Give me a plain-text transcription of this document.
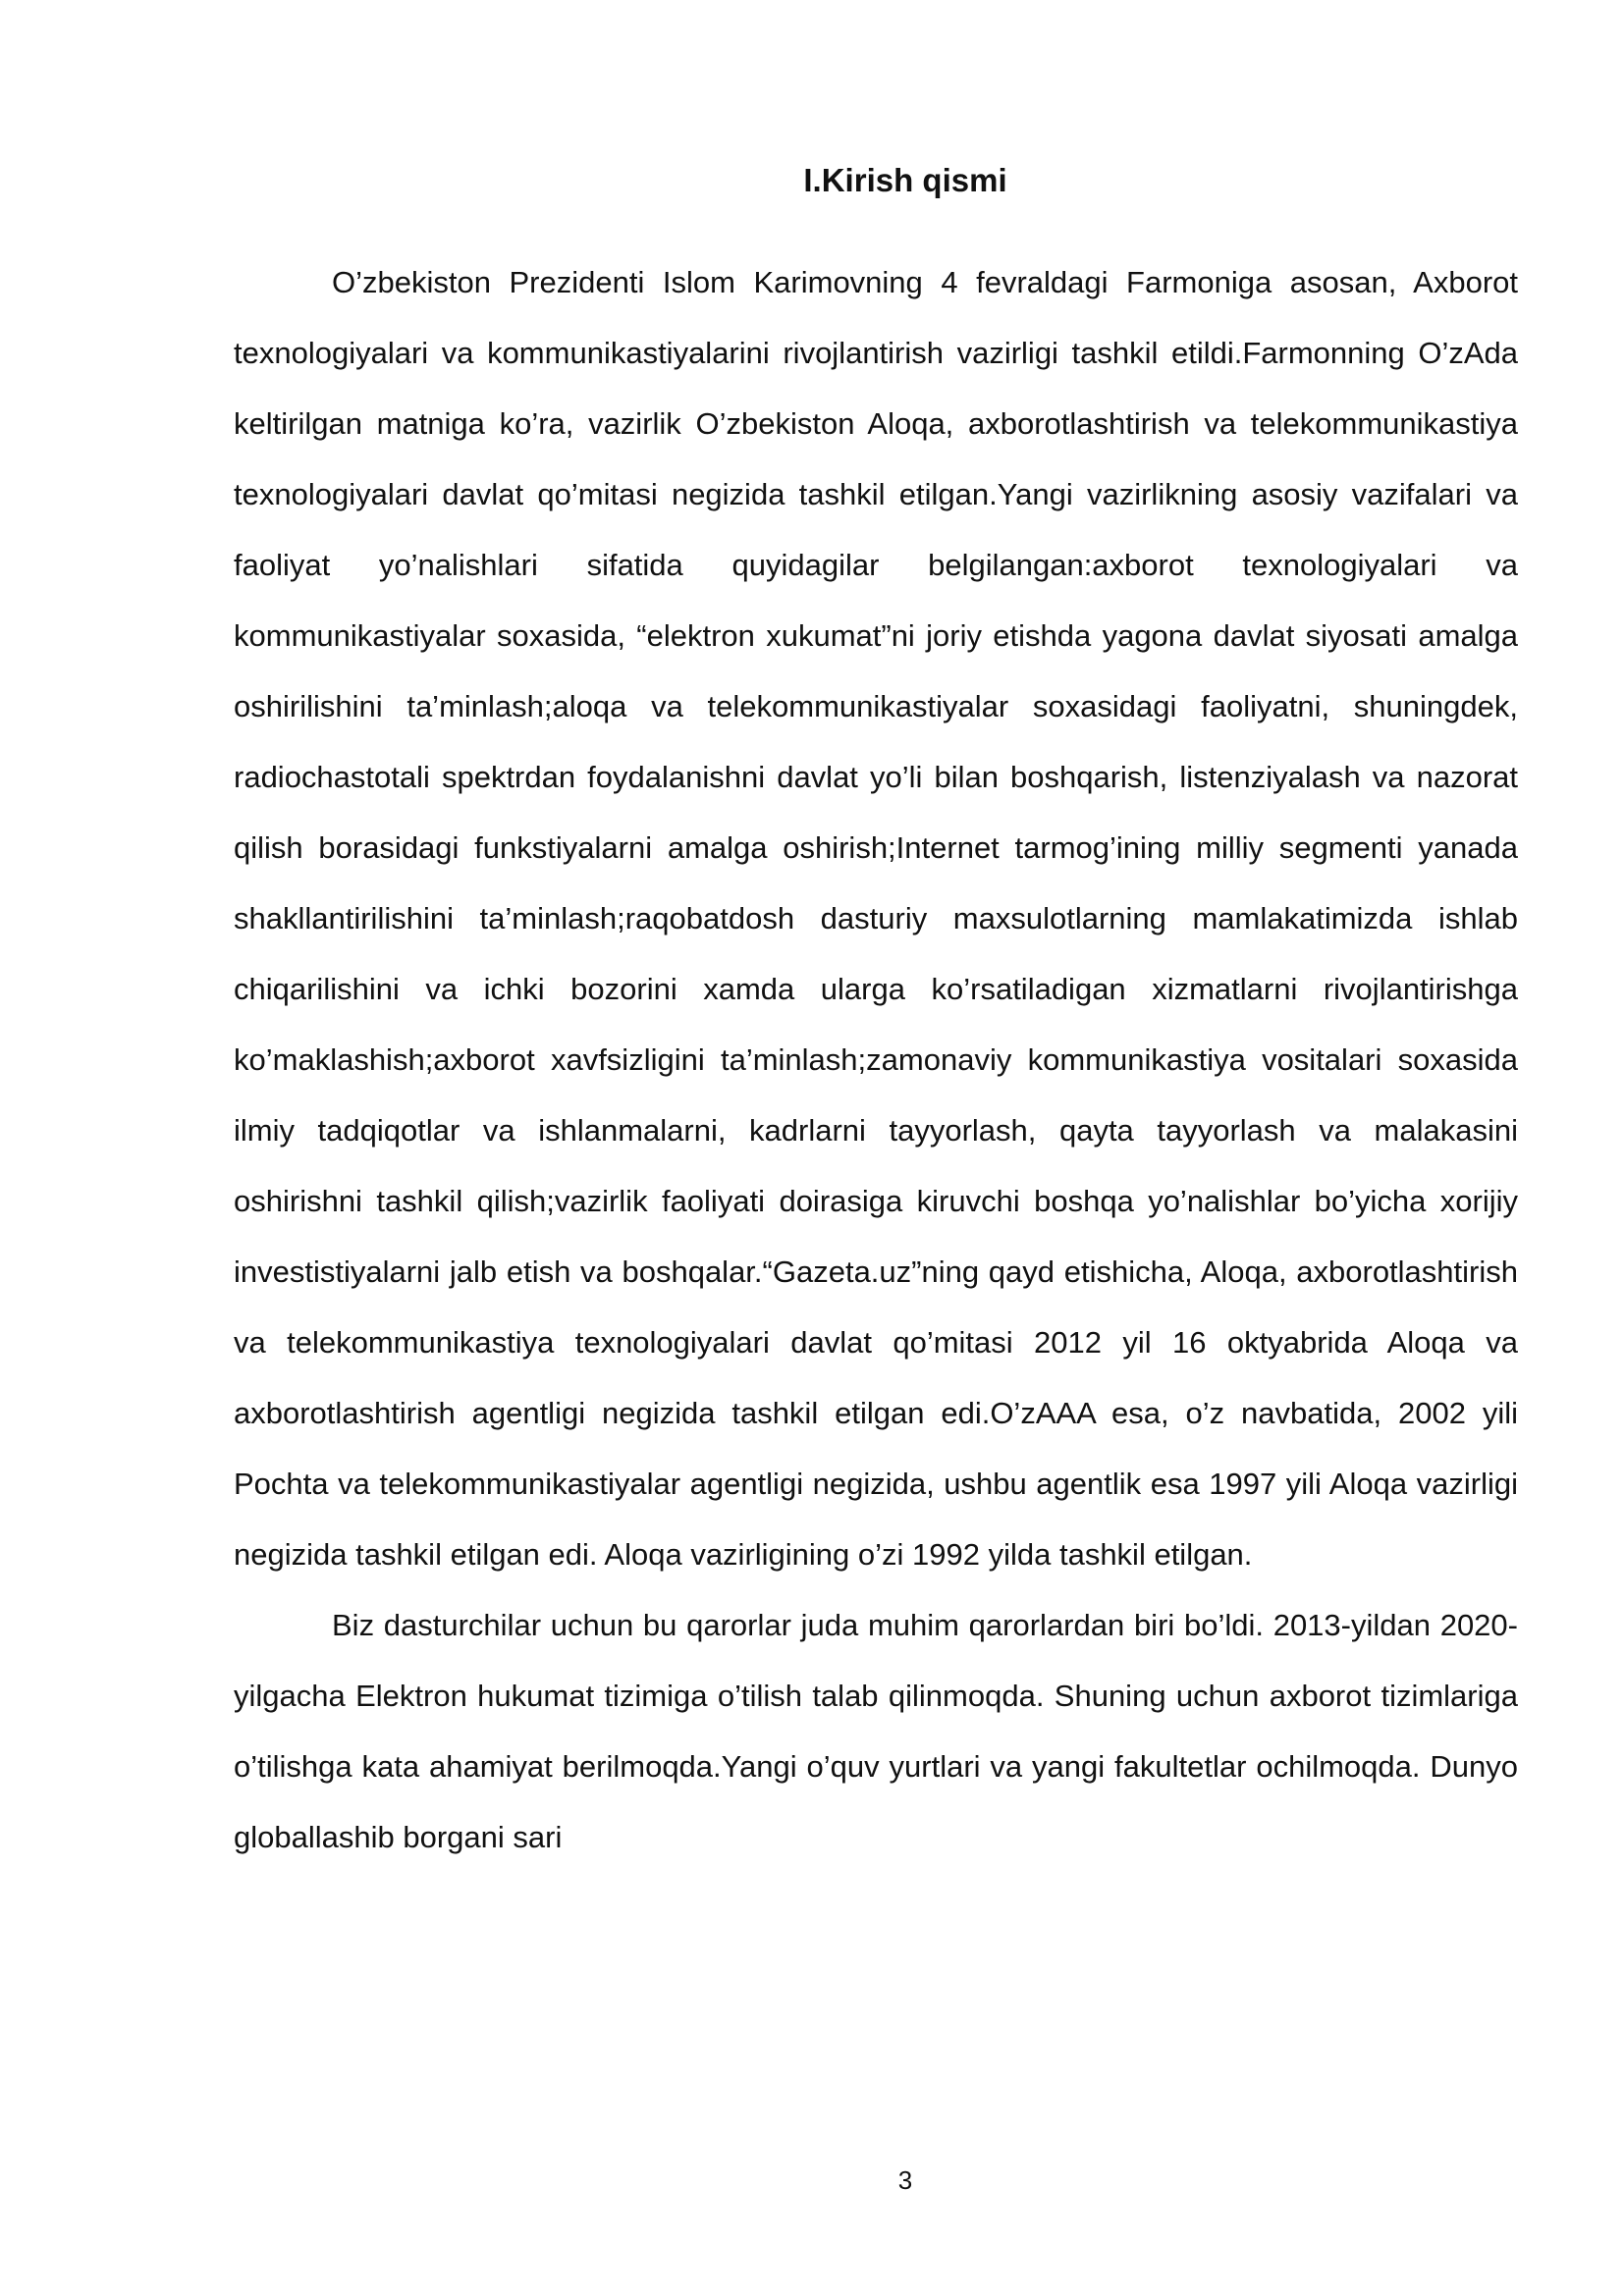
I.Kirish qismi

O’zbekiston Prezidenti Islom Karimovning 4 fevraldagi Farmoniga asosan, Axborot texnologiyalari va kommunikastiyalarini rivojlantirish vazirligi tashkil etildi.Farmonning O’zAda keltirilgan matniga ko’ra, vazirlik O’zbekiston Aloqa, axborotlashtirish va telekommunikastiya texnologiyalari davlat qo’mitasi negizida tashkil etilgan.Yangi vazirlikning asosiy vazifalari va faoliyat yo’nalishlari sifatida quyidagilar belgilangan:axborot texnologiyalari va kommunikastiyalar soxasida, “elektron xukumat”ni joriy etishda yagona davlat siyosati amalga oshirilishini ta’minlash;aloqa va telekommunikastiyalar soxasidagi faoliyatni, shuningdek, radiochastotali spektrdan foydalanishni davlat yo’li bilan boshqarish, listenziyalash va nazorat qilish borasidagi funkstiyalarni amalga oshirish;Internet tarmog’ining milliy segmenti yanada shakllantirilishini ta’minlash;raqobatdosh dasturiy maxsulotlarning mamlakatimizda ishlab chiqarilishini va ichki bozorini xamda ularga ko’rsatiladigan xizmatlarni rivojlantirishga ko’maklashish;axborot xavfsizligini ta’minlash;zamonaviy kommunikastiya vositalari soxasida ilmiy tadqiqotlar va ishlanmalarni, kadrlarni tayyorlash, qayta tayyorlash va malakasini oshirishni tashkil qilish;vazirlik faoliyati doirasiga kiruvchi boshqa yo’nalishlar bo’yicha xorijiy investistiyalarni jalb etish va boshqalar.“Gazeta.uz”ning qayd etishicha, Aloqa, axborotlashtirish va telekommunikastiya texnologiyalari davlat qo’mitasi 2012 yil 16 oktyabrida Aloqa va axborotlashtirish agentligi negizida tashkil etilgan edi.O’zAAA esa, o’z navbatida, 2002 yili Pochta va telekommunikastiyalar agentligi negizida, ushbu agentlik esa 1997 yili Aloqa vazirligi negizida tashkil etilgan edi. Aloqa vazirligining o’zi 1992 yilda tashkil etilgan.

Biz dasturchilar uchun bu qarorlar juda muhim qarorlardan biri bo’ldi. 2013-yildan 2020-yilgacha Elektron hukumat tizimiga o’tilish talab qilinmoqda. Shuning uchun axborot tizimlariga o’tilishga kata ahamiyat berilmoqda.Yangi o’quv yurtlari va yangi fakultetlar ochilmoqda. Dunyo globallashib borgani sari

3
